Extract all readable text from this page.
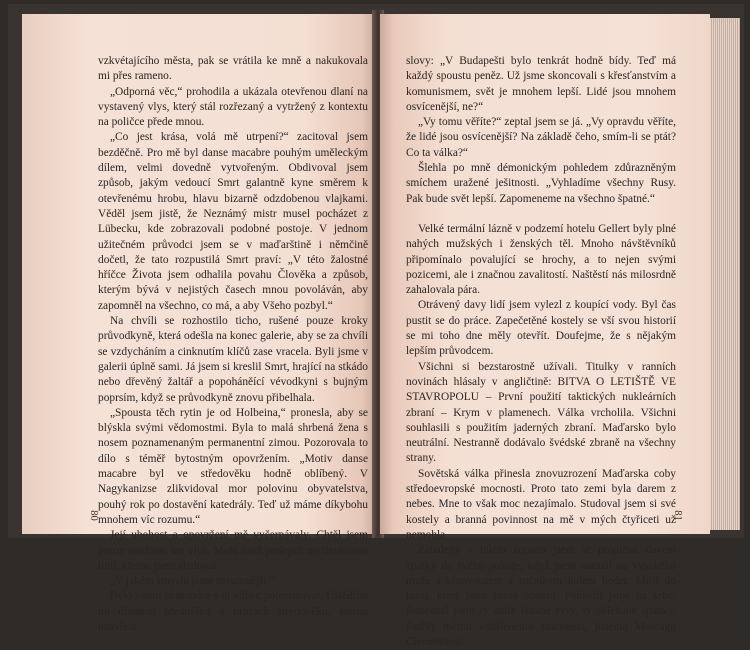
vzkvétajícího města, pak se vrátila ke mně a nakukovala mi přes rameno.

„Odporná věc,“ prohodila a ukázala otevřenou dlaní na vystavený vlys, který stál rozřezaný a vytržený z kontextu na poličce přede mnou.

„Co jest krása, volá mě utrpení?“ zacitoval jsem bezděčně. Pro mě byl danse macabre pouhým uměleckým dílem, velmi dovedně vytvořeným. Obdivoval jsem způsob, jakým vedoucí Smrt galantně kyne směrem k otevřenému hrobu, hlavu bizarně odzdobenou vlajkami. Věděl jsem jistě, že Neznámý mistr musel pocházet z Lübecku, kde zobrazovali podobné postoje. V jednom užitečném průvodci jsem se v maďarštině i němčině dočetl, že tato rozpustilá Smrt praví: „V této žalostné hříčce Života jsem odhalila povahu Člověka a způsob, kterým bývá v nejistých časech mnou povoláván, aby zapomněl na všechno, co má, a aby Všeho pozbyl.“

Na chvíli se rozhostilo ticho, rušené pouze kroky průvodkyně, která odešla na konec galerie, aby se za chvíli se vzdycháním a cinknutím klíčů zase vracela. Byli jsme v galerii úplně sami. Já jsem si kreslil Smrt, hrající na stkádo nebo dřevěný žaltář a popoháněící vévodkyni s bujným poprsím, když se průvodkyně znovu přibelhala.

„Spousta těch rytin je od Holbeina,“ pronesla, aby se blýskla svými vědomostmi. Byla to malá shrbená žena s nosem poznamenaným permanentní zimou. Pozorovala to dílo s téměř bytostným opovržením. „Motiv danse macabre byl ve středověku hodně oblíbený. V Nagykanizse zlikvidoval mor polovinu obyvatelstva, pouhý rok po dostavění katedrály. Teď už máme díkybohu mnohem víc rozumu.“

Její ubohost a opovržení mě vyčerpávaly. Chtěl jsem pouze studovat ten vlys. Mohl totiž podepřít myšlenkovou linii, kterou jsem sledoval.

„V jakém smyslu jsme rozumnější?“

Bylo velmi nemoudré s ní vůbec polemizovat. Uštědřila mi dlouhou přednášku o hrůzách středověku, kterou uzavřela

80

slovy: „V Budapešti bylo tenkrát hodně bídy. Teď má každý spoustu peněz. Už jsme skoncovali s křesťanstvím a komunismem, svět je mnohem lepší. Lidé jsou mnohem osvícenější, ne?“

„Vy tomu věříte?“ zeptal jsem se já. „Vy opravdu věříte, že lidé jsou osvícenější? Na základě čeho, smím-li se ptát? Co ta válka?“

Šlehla po mně démonickým pohledem zdůrazněným smíchem uražené ješitnosti. „Vyhladíme všechny Rusy. Pak bude svět lepší. Zapomeneme na všechno špatné.“

Velké termální lázně v podzemí hotelu Gellert byly plné nahých mužských i ženských těl. Mnoho návštěvníků připomínalo povalující se hrochy, a to nejen svými pozicemi, ale i značnou zavalitostí. Naštěstí nás milosrdně zahalovala pára.

Otrávený davy lidí jsem vylezl z koupící vody. Byl čas pustit se do práce. Zapečetěné kostely se vší svou historií se mi toho dne měly otevřít. Doufejme, že s nějakým lepším průvodcem.

Všichni si bezstarostně užívali. Titulky v ranních novinách hlásaly v angličtině: BITVA O LETIŠTĚ VE STAVROPOLU – První použití taktických nukleárních zbraní – Krym v plamenech. Válka vrcholila. Všichni souhlasili s použitím jaderných zbraní. Maďarsko bylo neutrální. Nestranně dodávalo švédské zbraně na všechny strany.

Sovětská válka přinesla znovuzrození Maďarska coby středoevropské mocnosti. Proto tato zemi byla darem z nebes. Mne to však moc nezajímalo. Studoval jsem si své kostely a branná povinnost na mě v mých čtyřiceti už nemohla.

Zabalený v bílém županu jsem se proplétal davem zpátky do svého pokoje, když jsem narazil na vysokého muže s plnovousem a ručníkem kolem beder. Mířil do lázní, které jsem právě opustil. Pohlédli jsme na sebe. Rozeznal jsem ty ostře řezané rysy, ty ošlehané spánky. Patřily mému vzdálenému známému, jistému Montagu Clementsovi.

81
